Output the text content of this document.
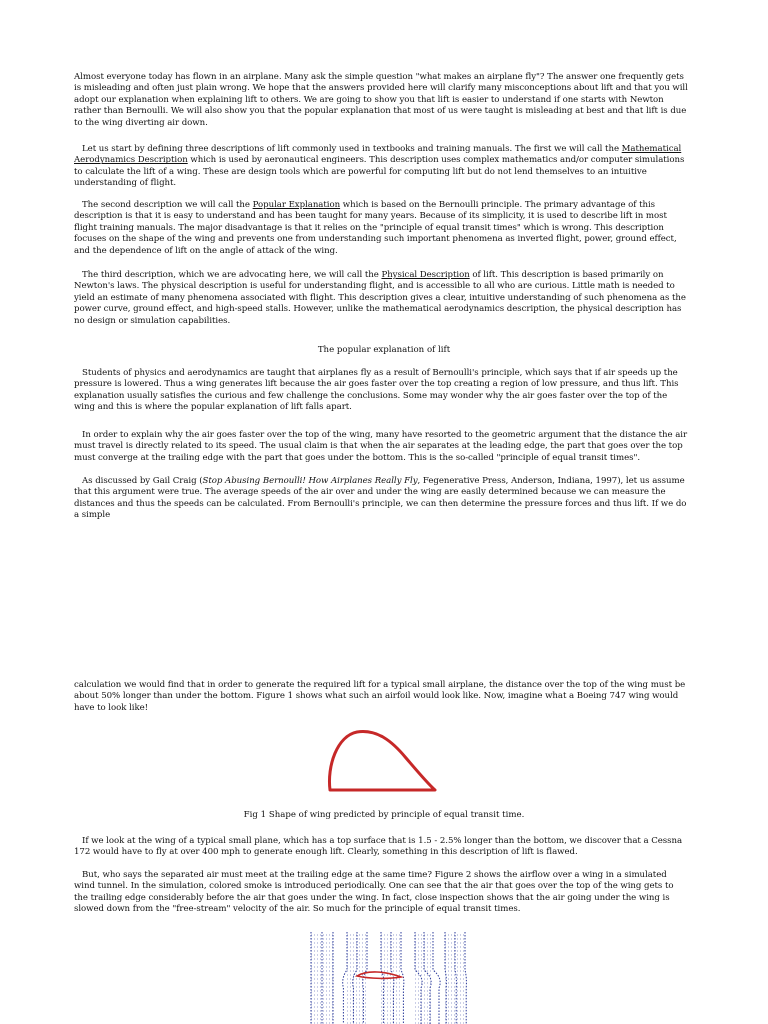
Almost everyone today has flown in an airplane. Many ask the simple question "what makes an airplane fly"? The answer one frequently gets is misleading and often just plain wrong. We hope that the answers provided here will clarify many misconceptions about lift and that you will adopt our explanation when explaining lift to others. We are going to show you that lift is easier to understand if one starts with Newton rather than Bernoulli. We will also show you that the popular explanation that most of us were taught is misleading at best and that lift is due to the wing diverting air down.

Let us start by defining three descriptions of lift commonly used in textbooks and training manuals. The first we will call the Mathematical Aerodynamics Description which is used by aeronautical engineers. This description uses complex mathematics and/or computer simulations to calculate the lift of a wing. These are design tools which are powerful for computing lift but do not lend themselves to an intuitive understanding of flight.

The second description we will call the Popular Explanation which is based on the Bernoulli principle. The primary advantage of this description is that it is easy to understand and has been taught for many years. Because of its simplicity, it is used to describe lift in most flight training manuals. The major disadvantage is that it relies on the "principle of equal transit times" which is wrong. This description focuses on the shape of the wing and prevents one from understanding such important phenomena as inverted flight, power, ground effect, and the dependence of lift on the angle of attack of the wing.

The third description, which we are advocating here, we will call the Physical Description of lift. This description is based primarily on Newton's laws. The physical description is useful for understanding flight, and is accessible to all who are curious. Little math is needed to yield an estimate of many phenomena associated with flight. This description gives a clear, intuitive understanding of such phenomena as the power curve, ground effect, and high-speed stalls. However, unlike the mathematical aerodynamics description, the physical description has no design or simulation capabilities.

The popular explanation of lift

Students of physics and aerodynamics are taught that airplanes fly as a result of Bernoulli's principle, which says that if air speeds up the pressure is lowered. Thus a wing generates lift because the air goes faster over the top creating a region of low pressure, and thus lift. This explanation usually satisfies the curious and few challenge the conclusions. Some may wonder why the air goes faster over the top of the wing and this is where the popular explanation of lift falls apart.

In order to explain why the air goes faster over the top of the wing, many have resorted to the geometric argument that the distance the air must travel is directly related to its speed. The usual claim is that when the air separates at the leading edge, the part that goes over the top must converge at the trailing edge with the part that goes under the bottom. This is the so-called "principle of equal transit times".

As discussed by Gail Craig (Stop Abusing Bernoulli! How Airplanes Really Fly, Fegenerative Press, Anderson, Indiana, 1997), let us assume that this argument were true. The average speeds of the air over and under the wing are easily determined because we can measure the distances and thus the speeds can be calculated. From Bernoulli's principle, we can then determine the pressure forces and thus lift. If we do a simple

calculation we would find that in order to generate the required lift for a typical small airplane, the distance over the top of the wing must be about 50% longer than under the bottom. Figure 1 shows what such an airfoil would look like. Now, imagine what a Boeing 747 wing would have to look like!

Fig 1 Shape of wing predicted by principle of equal transit time.

If we look at the wing of a typical small plane, which has a top surface that is 1.5 - 2.5% longer than the bottom, we discover that a Cessna 172 would have to fly at over 400 mph to generate enough lift. Clearly, something in this description of lift is flawed.

But, who says the separated air must meet at the trailing edge at the same time? Figure 2 shows the airflow over a wing in a simulated wind tunnel. In the simulation, colored smoke is introduced periodically. One can see that the air that goes over the top of the wing gets to the trailing edge considerably before the air that goes under the wing. In fact, close inspection shows that the air going under the wing is slowed down from the "free-stream" velocity of the air. So much for the principle of equal transit times.
